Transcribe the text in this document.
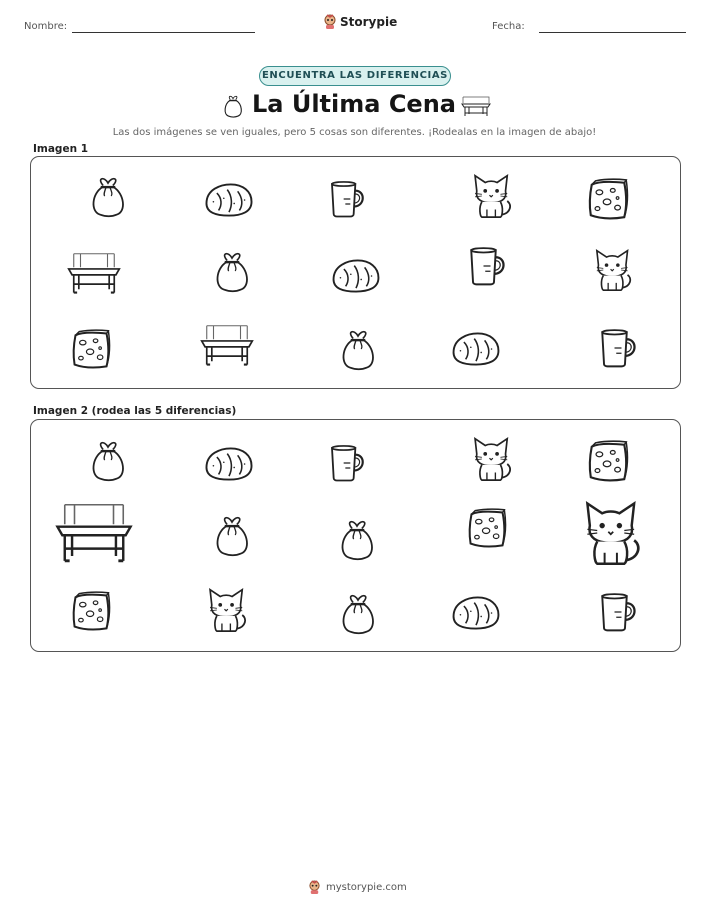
Nombre:	Storypie	Fecha:
ENCUENTRA LAS DIFERENCIAS
La Última Cena
Las dos imágenes se ven iguales, pero 5 cosas son diferentes. ¡Rodealas en la imagen de abajo!
Imagen 1
Imagen 2 (rodea las 5 diferencias)
mystorypie.com
